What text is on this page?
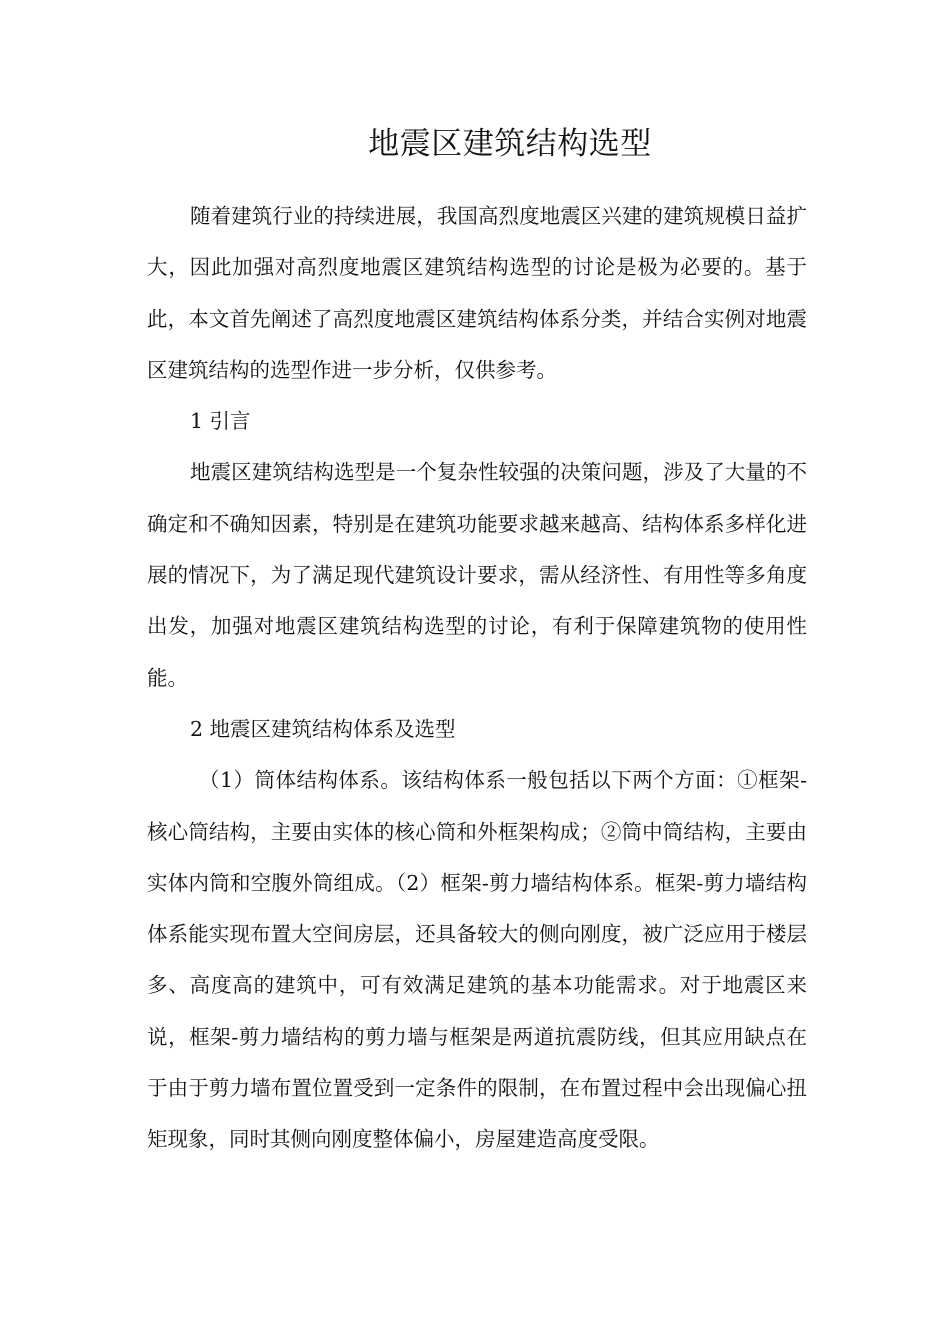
地震区建筑结构选型

随着建筑行业的持续进展，我国高烈度地震区兴建的建筑规模日益扩大，因此加强对高烈度地震区建筑结构选型的讨论是极为必要的。基于此，本文首先阐述了高烈度地震区建筑结构体系分类，并结合实例对地震区建筑结构的选型作进一步分析，仅供参考。

1 引言

地震区建筑结构选型是一个复杂性较强的决策问题，涉及了大量的不确定和不确知因素，特别是在建筑功能要求越来越高、结构体系多样化进展的情况下，为了满足现代建筑设计要求，需从经济性、有用性等多角度出发，加强对地震区建筑结构选型的讨论，有利于保障建筑物的使用性能。

2 地震区建筑结构体系及选型

（1）筒体结构体系。该结构体系一般包括以下两个方面：①框架-核心筒结构，主要由实体的核心筒和外框架构成；②筒中筒结构，主要由实体内筒和空腹外筒组成。（2）框架-剪力墙结构体系。框架-剪力墙结构体系能实现布置大空间房层，还具备较大的侧向刚度，被广泛应用于楼层多、高度高的建筑中，可有效满足建筑的基本功能需求。对于地震区来说，框架-剪力墙结构的剪力墙与框架是两道抗震防线，但其应用缺点在于由于剪力墙布置位置受到一定条件的限制，在布置过程中会出现偏心扭矩现象，同时其侧向刚度整体偏小，房屋建造高度受限。
